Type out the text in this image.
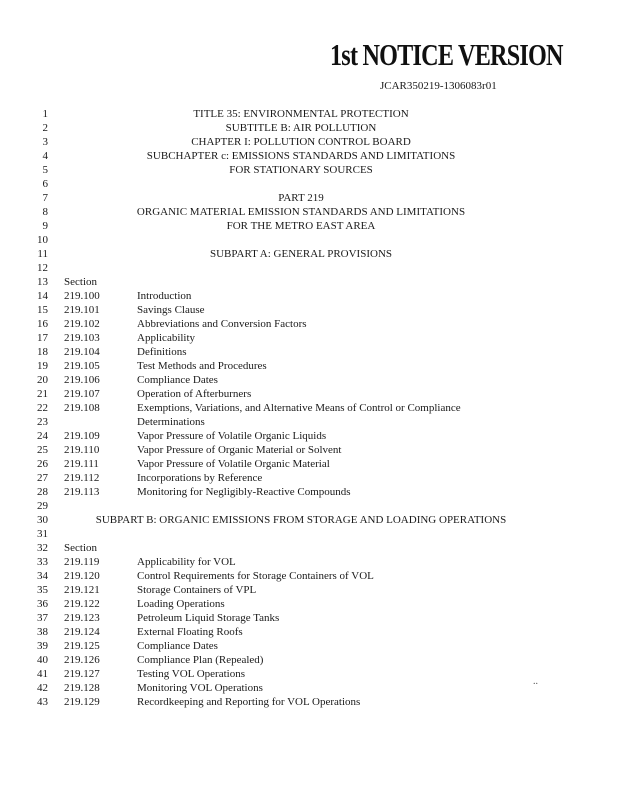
1st NOTICE VERSION
JCAR350219-1306083r01
TITLE 35: ENVIRONMENTAL PROTECTION
SUBTITLE B: AIR POLLUTION
CHAPTER I: POLLUTION CONTROL BOARD
SUBCHAPTER c: EMISSIONS STANDARDS AND LIMITATIONS
FOR STATIONARY SOURCES
PART 219
ORGANIC MATERIAL EMISSION STANDARDS AND LIMITATIONS
FOR THE METRO EAST AREA
SUBPART A: GENERAL PROVISIONS
Section
SUBPART B: ORGANIC EMISSIONS FROM STORAGE AND LOADING OPERATIONS
Section
1
2
3
4
5
6
7
8
9
10
11
12
13
14
15
16
17
18
19
20
21
22
23
24
25
26
27
28
29
30
31
32
33
34
35
36
37
38
39
40
41
42
43
219.100	Introduction
219.101	Savings Clause
219.102	Abbreviations and Conversion Factors
219.103	Applicability
219.104	Definitions
219.105	Test Methods and Procedures
219.106	Compliance Dates
219.107	Operation of Afterburners
219.108	Exemptions, Variations, and Alternative Means of Control or Compliance
Determinations
219.109	Vapor Pressure of Volatile Organic Liquids
219.110	Vapor Pressure of Organic Material or Solvent
219.111	Vapor Pressure of Volatile Organic Material
219.112	Incorporations by Reference
219.113	Monitoring for Negligibly-Reactive Compounds
219.119	Applicability for VOL
219.120	Control Requirements for Storage Containers of VOL
219.121	Storage Containers of VPL
219.122	Loading Operations
219.123	Petroleum Liquid Storage Tanks
219.124	External Floating Roofs
219.125	Compliance Dates
219.126	Compliance Plan (Repealed)
219.127	Testing VOL Operations
219.128	Monitoring VOL Operations
219.129	Recordkeeping and Reporting for VOL Operations
..
